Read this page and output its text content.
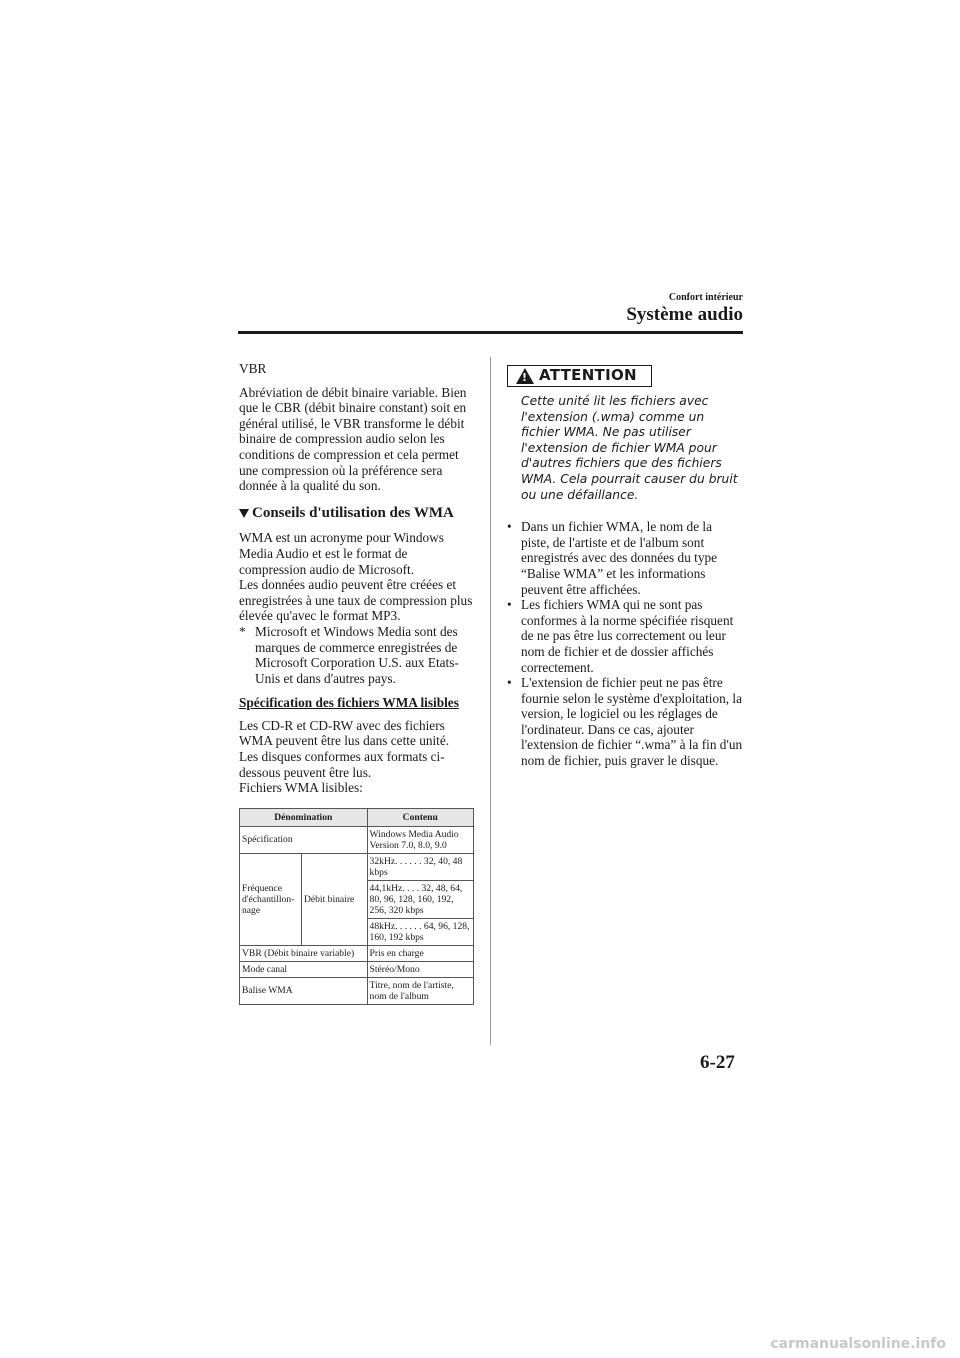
Confort intérieur
Système audio

VBR

Abréviation de débit binaire variable. Bien que le CBR (débit binaire constant) soit en général utilisé, le VBR transforme le débit binaire de compression audio selon les conditions de compression et cela permet une compression où la préférence sera donnée à la qualité du son.

Conseils d'utilisation des WMA

WMA est un acronyme pour Windows Media Audio et est le format de compression audio de Microsoft.

Les données audio peuvent être créées et enregistrées à une taux de compression plus élevée qu'avec le format MP3.

* Microsoft et Windows Media sont des marques de commerce enregistrées de Microsoft Corporation U.S. aux Etats-Unis et dans d'autres pays.

Spécification des fichiers WMA lisibles

Les CD-R et CD-RW avec des fichiers WMA peuvent être lus dans cette unité.

Les disques conformes aux formats ci-dessous peuvent être lus.

Fichiers WMA lisibles:

Dénomination		Contenu
Spécification		Windows Media Audio Version 7.0, 8.0, 9.0
Fréquence d'échantillon-nage	Débit binaire	32kHz. . . . . . 32, 40, 48 kbps
		44,1kHz. . . . 32, 48, 64, 80, 96, 128, 160, 192, 256, 320 kbps
		48kHz. . . . . . 64, 96, 128, 160, 192 kbps
VBR (Débit binaire variable)		Pris en charge
Mode canal		Stéréo/Mono
Balise WMA		Titre, nom de l'artiste, nom de l'album
!
ATTENTION

Cette unité lit les fichiers avec l'extension (.wma) comme un fichier WMA. Ne pas utiliser l'extension de fichier WMA pour d'autres fichiers que des fichiers WMA. Cela pourrait causer du bruit ou une défaillance.

• Dans un fichier WMA, le nom de la piste, de l'artiste et de l'album sont enregistrés avec des données du type “Balise WMA” et les informations peuvent être affichées.
• Les fichiers WMA qui ne sont pas conformes à la norme spécifiée risquent de ne pas être lus correctement ou leur nom de fichier et de dossier affichés correctement.
• L'extension de fichier peut ne pas être fournie selon le système d'exploitation, la version, le logiciel ou les réglages de l'ordinateur. Dans ce cas, ajouter l'extension de fichier “.wma” à la fin d'un nom de fichier, puis graver le disque.
6-27
carmanualsonline.info
